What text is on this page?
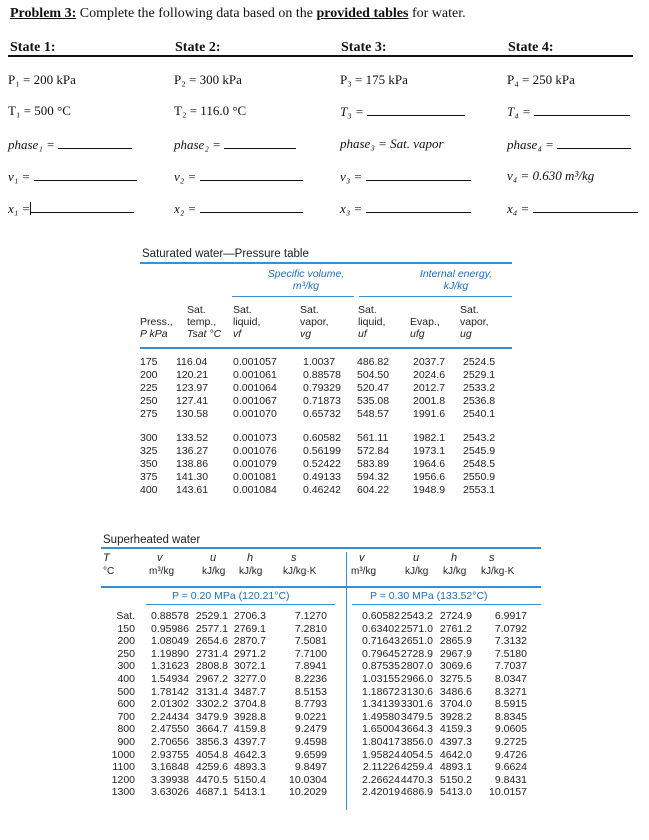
Problem 3: Complete the following data based on the provided tables for water.
State 1:	State 2:	State 3:	State 4:
P₁ = 200 kPa
T₁ = 500 °C
phase₁ =
v₁ =
x₁ =
P₂ = 300 kPa
T₂ = 116.0 °C
phase₂ =
v₂ =
x₂ =
P₃ = 175 kPa
T₃ =
phase₃ = Sat. vapor
v₃ =
x₃ =
P₄ = 250 kPa
T₄ =
phase₄ =
v₄ = 0.630 m³/kg
x₄ =
Saturated water—Pressure table
Specific volume,
m³/kg
Internal energy,
kJ/kg
Press.,
P kPa
Sat.
temp.,
Tsat °C
Sat.
liquid,
vf
Sat.
vapor,
vg
Sat.
liquid,
uf
Evap.,
ufg
Sat.
vapor,
ug
175 116.04 0.001057 1.0037 486.82 2037.7 2524.5
200 120.21 0.001061 0.88578 504.50 2024.6 2529.1
225 123.97 0.001064 0.79329 520.47 2012.7 2533.2
250 127.41 0.001067 0.71873 535.08 2001.8 2536.8
275 130.58 0.001070 0.65732 548.57 1991.6 2540.1
300 133.52 0.001073 0.60582 561.11 1982.1 2543.2
325 136.27 0.001076 0.56199 572.84 1973.1 2545.9
350 138.86 0.001079 0.52422 583.89 1964.6 2548.5
375 141.30 0.001081 0.49133 594.32 1956.6 2550.9
400 143.61 0.001084 0.46242 604.22 1948.9 2553.1
Superheated water
T
°C
v
m³/kg
u
kJ/kg
h
kJ/kg
s
kJ/kg·K
v
m³/kg
u
kJ/kg
h
kJ/kg
s
kJ/kg·K
P = 0.20 MPa (120.21°C)	P = 0.30 MPa (133.52°C)
Sat.	0.88578 2529.1 2706.3	7.1270	0.60582 2543.2 2724.9	6.9917
150	0.95986 2577.1 2769.1	7.2810	0.63402 2571.0 2761.2	7.0792
200	1.08049 2654.6 2870.7	7.5081	0.71643 2651.0 2865.9	7.3132
250	1.19890 2731.4 2971.2	7.7100	0.79645 2728.9 2967.9	7.5180
300	1.31623 2808.8 3072.1	7.8941	0.87535 2807.0 3069.6	7.7037
400	1.54934 2967.2 3277.0	8.2236	1.03155 2966.0 3275.5	8.0347
500	1.78142 3131.4 3487.7	8.5153	1.18672 3130.6 3486.6	8.3271
600	2.01302 3302.2 3704.8	8.7793	1.34139 3301.6 3704.0	8.5915
700	2.24434 3479.9 3928.8	9.0221	1.49580 3479.5 3928.2	8.8345
800	2.47550 3664.7 4159.8	9.2479	1.65004 3664.3 4159.3	9.0605
900	2.70656 3856.3 4397.7	9.4598	1.80417 3856.0 4397.3	9.2725
1000	2.93755 4054.8 4642.3	9.6599	1.95824 4054.5 4642.0	9.4726
1100	3.16848 4259.6 4893.3	9.8497	2.11226 4259.4 4893.1	9.6624
1200	3.39938 4470.5 5150.4	10.0304	2.26624 4470.3 5150.2	9.8431
1300	3.63026 4687.1 5413.1	10.2029	2.42019 4686.9 5413.0	10.0157
